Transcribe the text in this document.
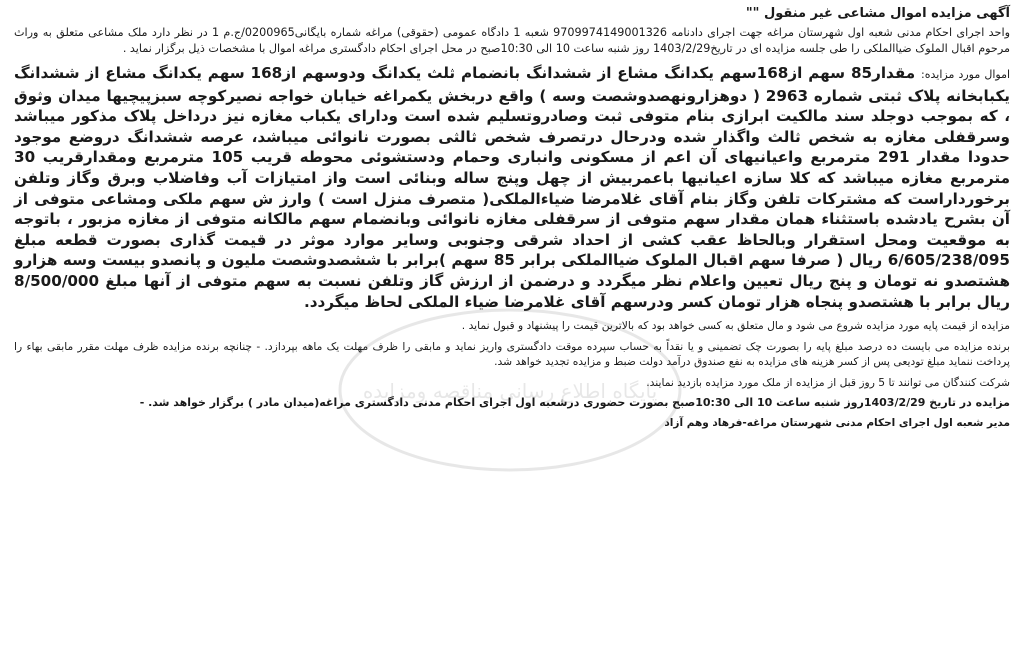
آگهی مزایده اموال مشاعی غیر منقول ""

واحد اجرای احکام مدنی شعبه اول شهرستان مراغه جهت اجرای دادنامه 9709974149001326 شعبه 1 دادگاه عمومی (حقوقی) مراغه شماره بایگانی0200965/ج.م 1 در نظر دارد ملک مشاعی متعلق به وراث مرحوم اقبال الملوک ضیاالملکی را طی جلسه مزایده ای در تاریخ1403/2/29 روز شنبه ساعت 10 الی 10:30صبح در محل اجرای احکام دادگستری مراغه اموال با مشخصات ذیل برگزار نماید .

اموال مورد مزایده: مقدار85 سهم از168سهم یکدانگ مشاع از ششدانگ بانضمام ثلث یکدانگ ودوسهم از168 سهم یکدانگ مشاع از ششدانگ یکبابخانه پلاک ثبتی شماره 2963 ( دوهزارونهصدوشصت وسه ) واقع دربخش یکمراغه خیابان خواجه نصیرکوچه سبزپیچیها میدان وثوق ، که بموجب دوجلد سند مالکیت ابرازی بنام متوفی ثبت وصادروتسلیم شده است ودارای یکباب مغازه نیز درداخل پلاک مذکور میباشد وسرقفلی مغازه به شخص ثالث واگذار شده ودرحال درتصرف شخص ثالثی بصورت نانوائی میباشد، عرصه ششدانگ دروضع موجود حدودا مقدار 291 مترمربع واعیانیهای آن اعم از مسکونی وانباری وحمام ودستشوئی محوطه قریب 105 مترمربع ومقدارقریب 30 مترمربع مغازه میباشد که کلا سازه اعیانیها باعمربیش از چهل وپنج ساله وبنائی است واز امتیازات آب وفاضلاب وبرق وگاز وتلفن برخورداراست که مشترکات تلفن وگاز بنام آقای غلامرضا ضیاءالملکی( متصرف منزل است ) وارز ش سهم ملکی ومشاعی متوفی از آن بشرح یادشده باستثناء همان مقدار سهم متوفی از سرقفلی مغازه نانوائی وبانضمام سهم مالکانه متوفی از مغازه مزبور ، باتوجه به موقعیت ومحل استقرار وبالحاظ عقب کشی از احداد شرقی وجنوبی وسایر موارد موثر در قیمت گذاری بصورت قطعه مبلغ 6/605/238/095 ریال ( صرفا سهم اقبال الملوک ضیاالملکی برابر 85 سهم )برابر با ششصدوشصت ملیون و پانصدو بیست وسه هزارو هشتصدو نه تومان و پنج ریال تعیین واعلام نظر میگردد و درضمن از ارزش گاز وتلفن نسبت به سهم متوفی از آنها مبلغ 8/500/000 ریال برابر با هشتصدو پنجاه هزار تومان کسر ودرسهم آقای غلامرضا ضیاء الملکی لحاظ میگردد.

مزایده از قیمت پایه مورد مزایده شروع می شود و مال متعلق به کسی خواهد بود که بالاترین قیمت را پیشنهاد و قبول نماید .

برنده مزایده می بایست ده درصد مبلغ پایه را بصورت چک تضمینی و یا نقداً به حساب سپرده موقت دادگستری واریز نماید و مابقی را ظرف مهلت یک ماهه بپردازد. - چنانچه برنده مزایده ظرف مهلت مقرر مابقی بهاء را پرداخت ننماید مبلغ تودیعی پس از کسر هزینه های مزایده به نفع صندوق درآمد دولت ضبط و مزایده تجدید خواهد شد.

شرکت کنندگان می توانند تا 5 روز قبل از مزایده از ملک مورد مزایده بازدید نمایند.

مزایده در تاریخ 1403/2/29روز شنبه ساعت 10 الی 10:30صبح بصورت حضوری درشعبه اول اجرای احکام مدنی دادگستری مراغه(میدان مادر ) برگزار خواهد شد. -

مدیر شعبه اول اجرای احکام مدنی شهرستان مراغه-فرهاد وهم آزاد

پایگاه اطلاع رسانی مناقصه ومزایده
